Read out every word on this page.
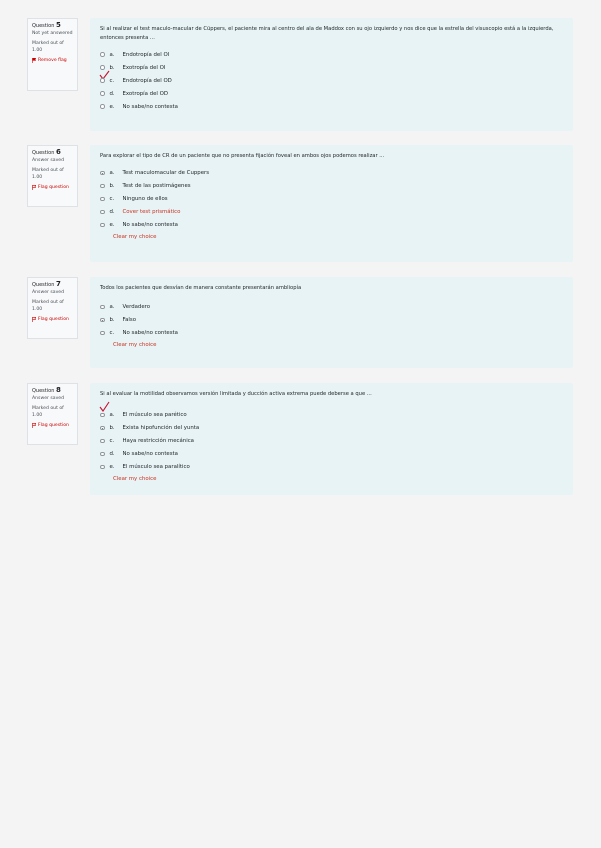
Question 5
Not yet answered
Marked out of 1.00
Remove flag
Si al realizar el test maculo-macular de Cüppers, el paciente mira al centro del ala de Maddox con su ojo izquierdo y nos dice que la estrella del visuscopio está a la izquierda, entonces presenta ...
a.	Endotropía del OI
b.	Exotropía del OI
c.	Endotropía del OD
d.	Exotropía del OD
e.	No sabe/no contesta
Question 6
Answer saved
Marked out of 1.00
Flag question
Para explorar el tipo de CR de un paciente que no presenta fijación foveal en ambos ojos podemos realizar ...
a.	Test maculomacular de Cuppers
b.	Test de las postimágenes
c.	Ninguno de ellos
d.	Cover test prismático
e.	No sabe/no contesta
Clear my choice
Question 7
Answer saved
Marked out of 1.00
Flag question
Todos los pacientes que desvían de manera constante presentarán ambliopía
a.	Verdadero
b.	Falso
c.	No sabe/no contesta
Clear my choice
Question 8
Answer saved
Marked out of 1.00
Flag question
Si al evaluar la motilidad observamos versión limitada y ducción activa extrema puede deberse a que ...
a.	El músculo sea parético
b.	Exista hipofunción del yunta
c.	Haya restricción mecánica
d.	No sabe/no contesta
e.	El músculo sea paralítico
Clear my choice
